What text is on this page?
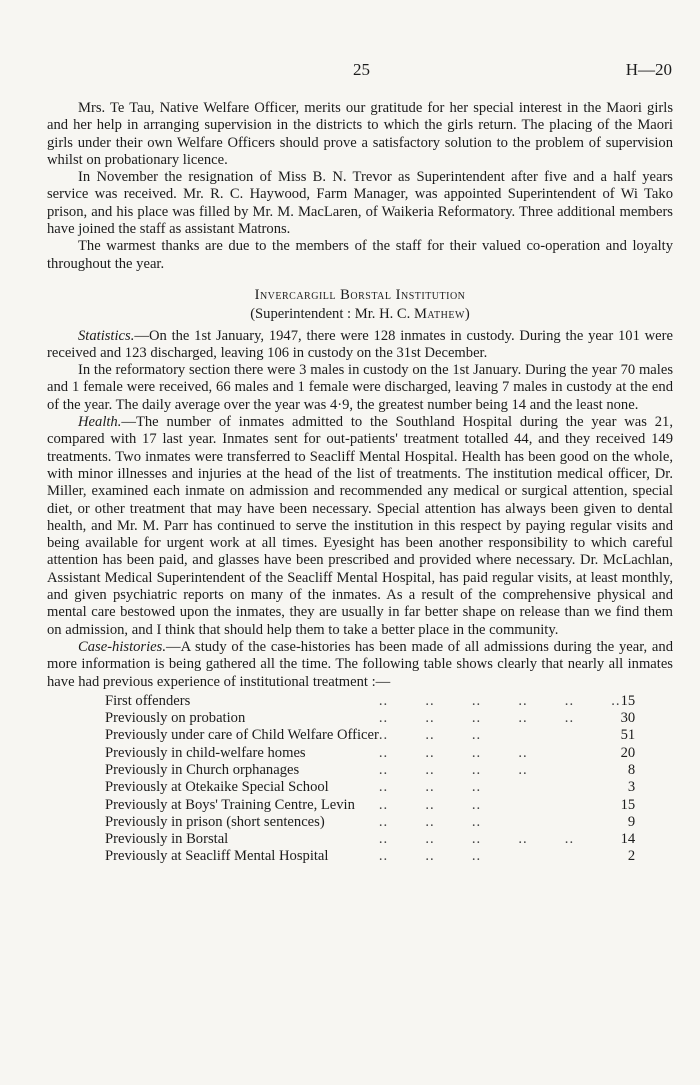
25	H—20

Mrs. Te Tau, Native Welfare Officer, merits our gratitude for her special interest in the Maori girls and her help in arranging supervision in the districts to which the girls return. The placing of the Maori girls under their own Welfare Officers should prove a satisfactory solution to the problem of supervision whilst on probationary licence.

In November the resignation of Miss B. N. Trevor as Superintendent after five and a half years service was received. Mr. R. C. Haywood, Farm Manager, was appointed Superintendent of Wi Tako prison, and his place was filled by Mr. M. MacLaren, of Waikeria Reformatory. Three additional members have joined the staff as assistant Matrons.

The warmest thanks are due to the members of the staff for their valued co-operation and loyalty throughout the year.

Invercargill Borstal Institution

(Superintendent : Mr. H. C. Mathew)

Statistics.—On the 1st January, 1947, there were 128 inmates in custody. During the year 101 were received and 123 discharged, leaving 106 in custody on the 31st December.

In the reformatory section there were 3 males in custody on the 1st January. During the year 70 males and 1 female were received, 66 males and 1 female were discharged, leaving 7 males in custody at the end of the year. The daily average over the year was 4·9, the greatest number being 14 and the least none.

Health.—The number of inmates admitted to the Southland Hospital during the year was 21, compared with 17 last year. Inmates sent for out-patients' treatment totalled 44, and they received 149 treatments. Two inmates were transferred to Seacliff Mental Hospital. Health has been good on the whole, with minor illnesses and injuries at the head of the list of treatments. The institution medical officer, Dr. Miller, examined each inmate on admission and recommended any medical or surgical attention, special diet, or other treatment that may have been necessary. Special attention has always been given to dental health, and Mr. M. Parr has continued to serve the institution in this respect by paying regular visits and being available for urgent work at all times. Eyesight has been another responsibility to which careful attention has been paid, and glasses have been prescribed and provided where necessary. Dr. McLachlan, Assistant Medical Superintendent of the Seacliff Mental Hospital, has paid regular visits, at least monthly, and given psychiatric reports on many of the inmates. As a result of the comprehensive physical and mental care bestowed upon the inmates, they are usually in far better shape on release than we find them on admission, and I think that should help them to take a better place in the community.

Case-histories.—A study of the case-histories has been made of all admissions during the year, and more information is being gathered all the time. The following table shows clearly that nearly all inmates have had previous experience of institutional treatment :—

First offenders	..        ..        ..        ..        ..        ..	15
Previously on probation	..        ..        ..        ..        ..	30
Previously under care of Child Welfare Officer	..        ..        ..	51
Previously in child-welfare homes	..        ..        ..        ..	20
Previously in Church orphanages	..        ..        ..        ..	8
Previously at Otekaike Special School	..        ..        ..	3
Previously at Boys' Training Centre, Levin	..        ..        ..	15
Previously in prison (short sentences)	..        ..        ..	9
Previously in Borstal	..        ..        ..        ..        ..	14
Previously at Seacliff Mental Hospital	..        ..        ..	2
